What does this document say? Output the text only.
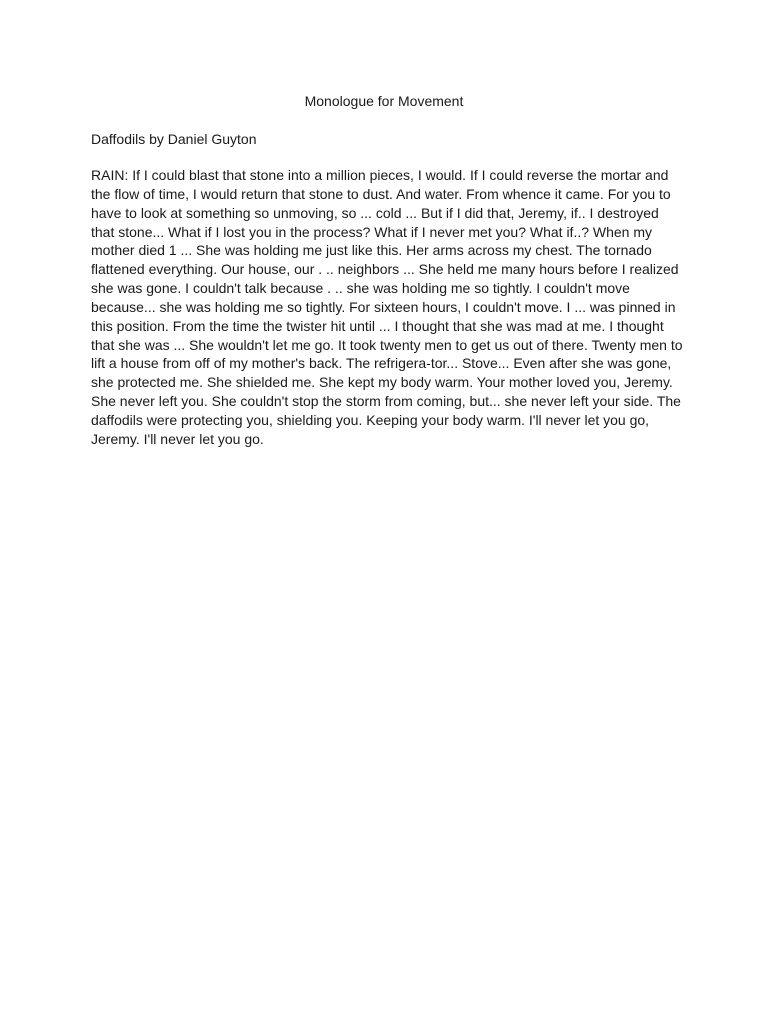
Monologue for Movement
Daffodils by Daniel Guyton

RAIN: If I could blast that stone into a million pieces, I would. If I could reverse the mortar and
the flow of time, I would return that stone to dust. And water. From whence it came. For you to
have to look at something so unmoving, so ... cold ... But if I did that, Jeremy, if.. I destroyed
that stone... What if I lost you in the process? What if I never met you? What if..? When my
mother died 1 ... She was holding me just like this. Her arms across my chest. The tornado
flattened everything. Our house, our . .. neighbors ... She held me many hours before I realized
she was gone. I couldn't talk because . .. she was holding me so tightly. I couldn't move
because... she was holding me so tightly. For sixteen hours, I couldn't move. I ... was pinned in
this position. From the time the twister hit until ... I thought that she was mad at me. I thought
that she was ... She wouldn't let me go. It took twenty men to get us out of there. Twenty men to
lift a house from off of my mother's back. The refrigera-tor... Stove... Even after she was gone,
she protected me. She shielded me. She kept my body warm. Your mother loved you, Jeremy.
She never left you. She couldn't stop the storm from coming, but... she never left your side. The
daffodils were protecting you, shielding you. Keeping your body warm. I'll never let you go,
Jeremy. I'll never let you go.
